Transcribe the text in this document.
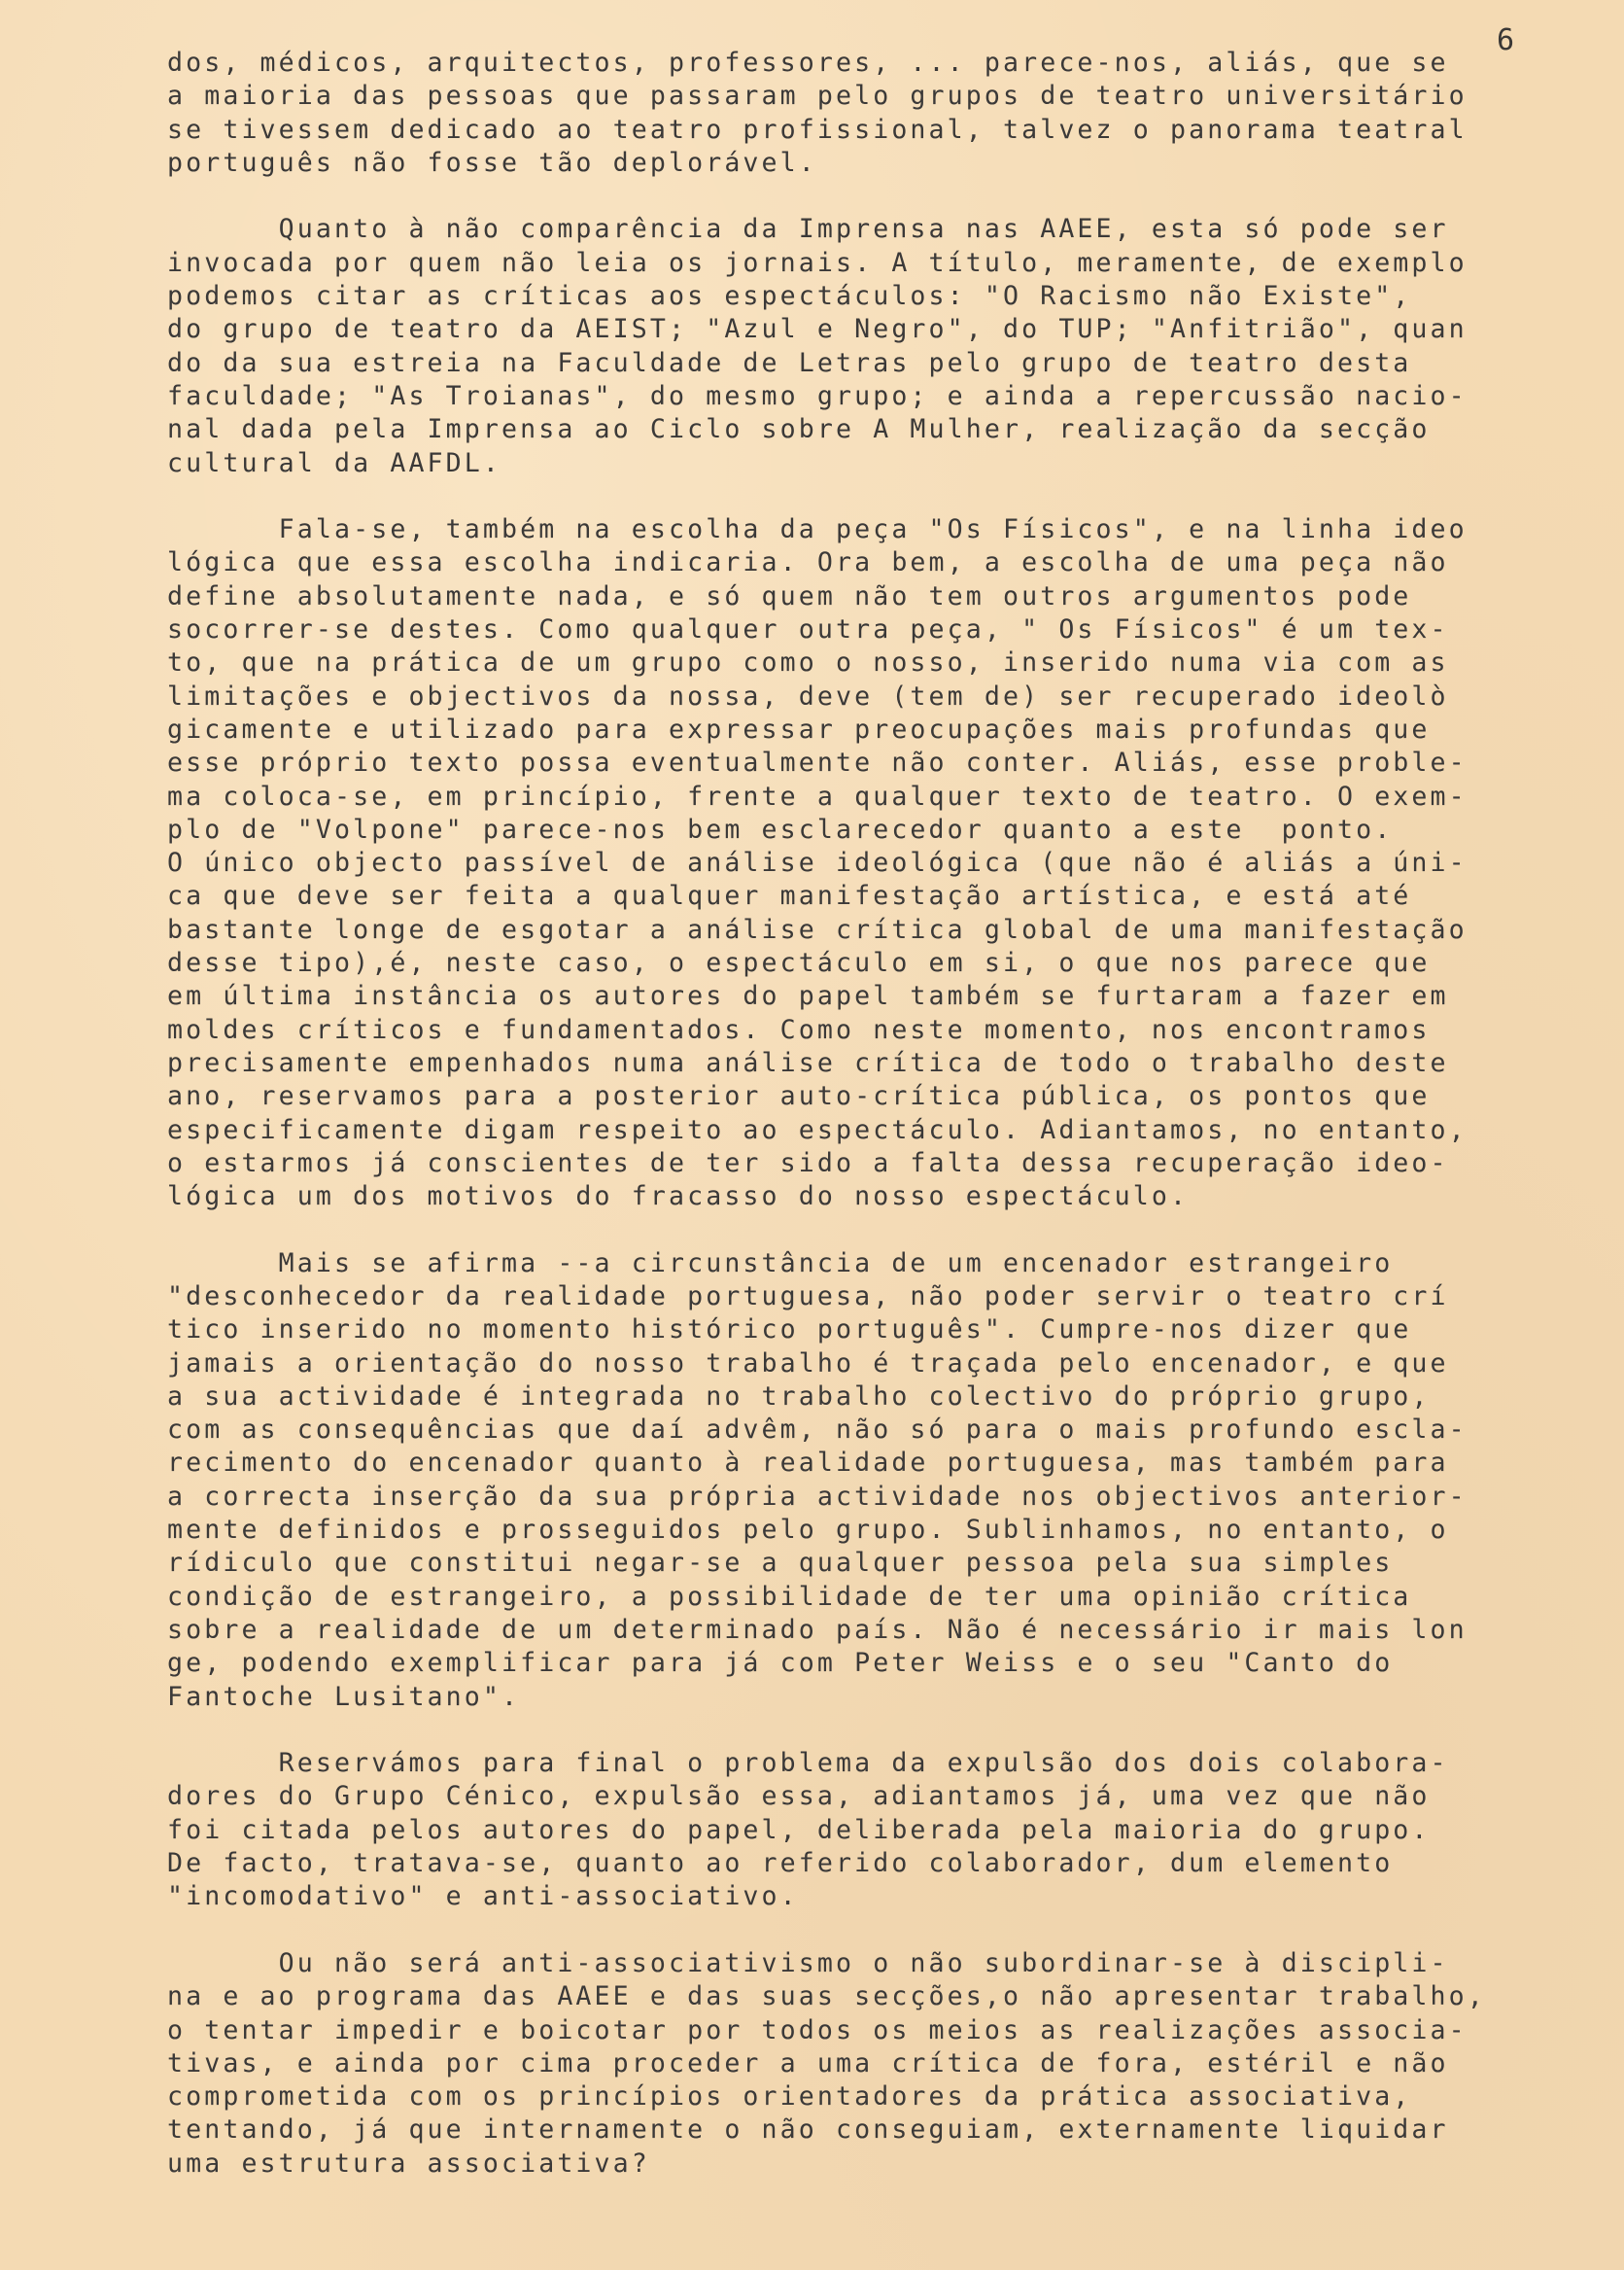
6
dos, médicos, arquitectos, professores, ... parece-nos, aliás, que se
a maioria das pessoas que passaram pelo grupos de teatro universitário
se tivessem dedicado ao teatro profissional, talvez o panorama teatral
português não fosse tão deplorável.
Quanto à não comparência da Imprensa nas AAEE, esta só pode ser
invocada por quem não leia os jornais. A título, meramente, de exemplo
podemos citar as críticas aos espectáculos: "O Racismo não Existe",
do grupo de teatro da AEIST; "Azul e Negro", do TUP; "Anfitrião", quan
do da sua estreia na Faculdade de Letras pelo grupo de teatro desta
faculdade; "As Troianas", do mesmo grupo; e ainda a repercussão nacio-
nal dada pela Imprensa ao Ciclo sobre A Mulher, realização da secção
cultural da AAFDL.
Fala-se, também na escolha da peça "Os Físicos", e na linha ideo
lógica que essa escolha indicaria. Ora bem, a escolha de uma peça não
define absolutamente nada, e só quem não tem outros argumentos pode
socorrer-se destes. Como qualquer outra peça, " Os Físicos" é um tex-
to, que na prática de um grupo como o nosso, inserido numa via com as
limitações e objectivos da nossa, deve (tem de) ser recuperado ideolò
gicamente e utilizado para expressar preocupações mais profundas que
esse próprio texto possa eventualmente não conter. Aliás, esse proble-
ma coloca-se, em princípio, frente a qualquer texto de teatro. O exem-
plo de "Volpone" parece-nos bem esclarecedor quanto a este  ponto.
O único objecto passível de análise ideológica (que não é aliás a úni-
ca que deve ser feita a qualquer manifestação artística, e está até
bastante longe de esgotar a análise crítica global de uma manifestação
desse tipo),é, neste caso, o espectáculo em si, o que nos parece que
em última instância os autores do papel também se furtaram a fazer em
moldes críticos e fundamentados. Como neste momento, nos encontramos
precisamente empenhados numa análise crítica de todo o trabalho deste
ano, reservamos para a posterior auto-crítica pública, os pontos que
especificamente digam respeito ao espectáculo. Adiantamos, no entanto,
o estarmos já conscientes de ter sido a falta dessa recuperação ideo-
lógica um dos motivos do fracasso do nosso espectáculo.
Mais se afirma --a circunstância de um encenador estrangeiro
"desconhecedor da realidade portuguesa, não poder servir o teatro crí
tico inserido no momento histórico português". Cumpre-nos dizer que
jamais a orientação do nosso trabalho é traçada pelo encenador, e que
a sua actividade é integrada no trabalho colectivo do próprio grupo,
com as consequências que daí advêm, não só para o mais profundo escla-
recimento do encenador quanto à realidade portuguesa, mas também para
a correcta inserção da sua própria actividade nos objectivos anterior-
mente definidos e prosseguidos pelo grupo. Sublinhamos, no entanto, o
rídiculo que constitui negar-se a qualquer pessoa pela sua simples
condição de estrangeiro, a possibilidade de ter uma opinião crítica
sobre a realidade de um determinado país. Não é necessário ir mais lon
ge, podendo exemplificar para já com Peter Weiss e o seu "Canto do
Fantoche Lusitano".
Reservámos para final o problema da expulsão dos dois colabora-
dores do Grupo Cénico, expulsão essa, adiantamos já, uma vez que não
foi citada pelos autores do papel, deliberada pela maioria do grupo.
De facto, tratava-se, quanto ao referido colaborador, dum elemento
"incomodativo" e anti-associativo.
Ou não será anti-associativismo o não subordinar-se à discipli-
na e ao programa das AAEE e das suas secções,o não apresentar trabalho,
o tentar impedir e boicotar por todos os meios as realizações associa-
tivas, e ainda por cima proceder a uma crítica de fora, estéril e não
comprometida com os princípios orientadores da prática associativa,
tentando, já que internamente o não conseguiam, externamente liquidar
uma estrutura associativa?
